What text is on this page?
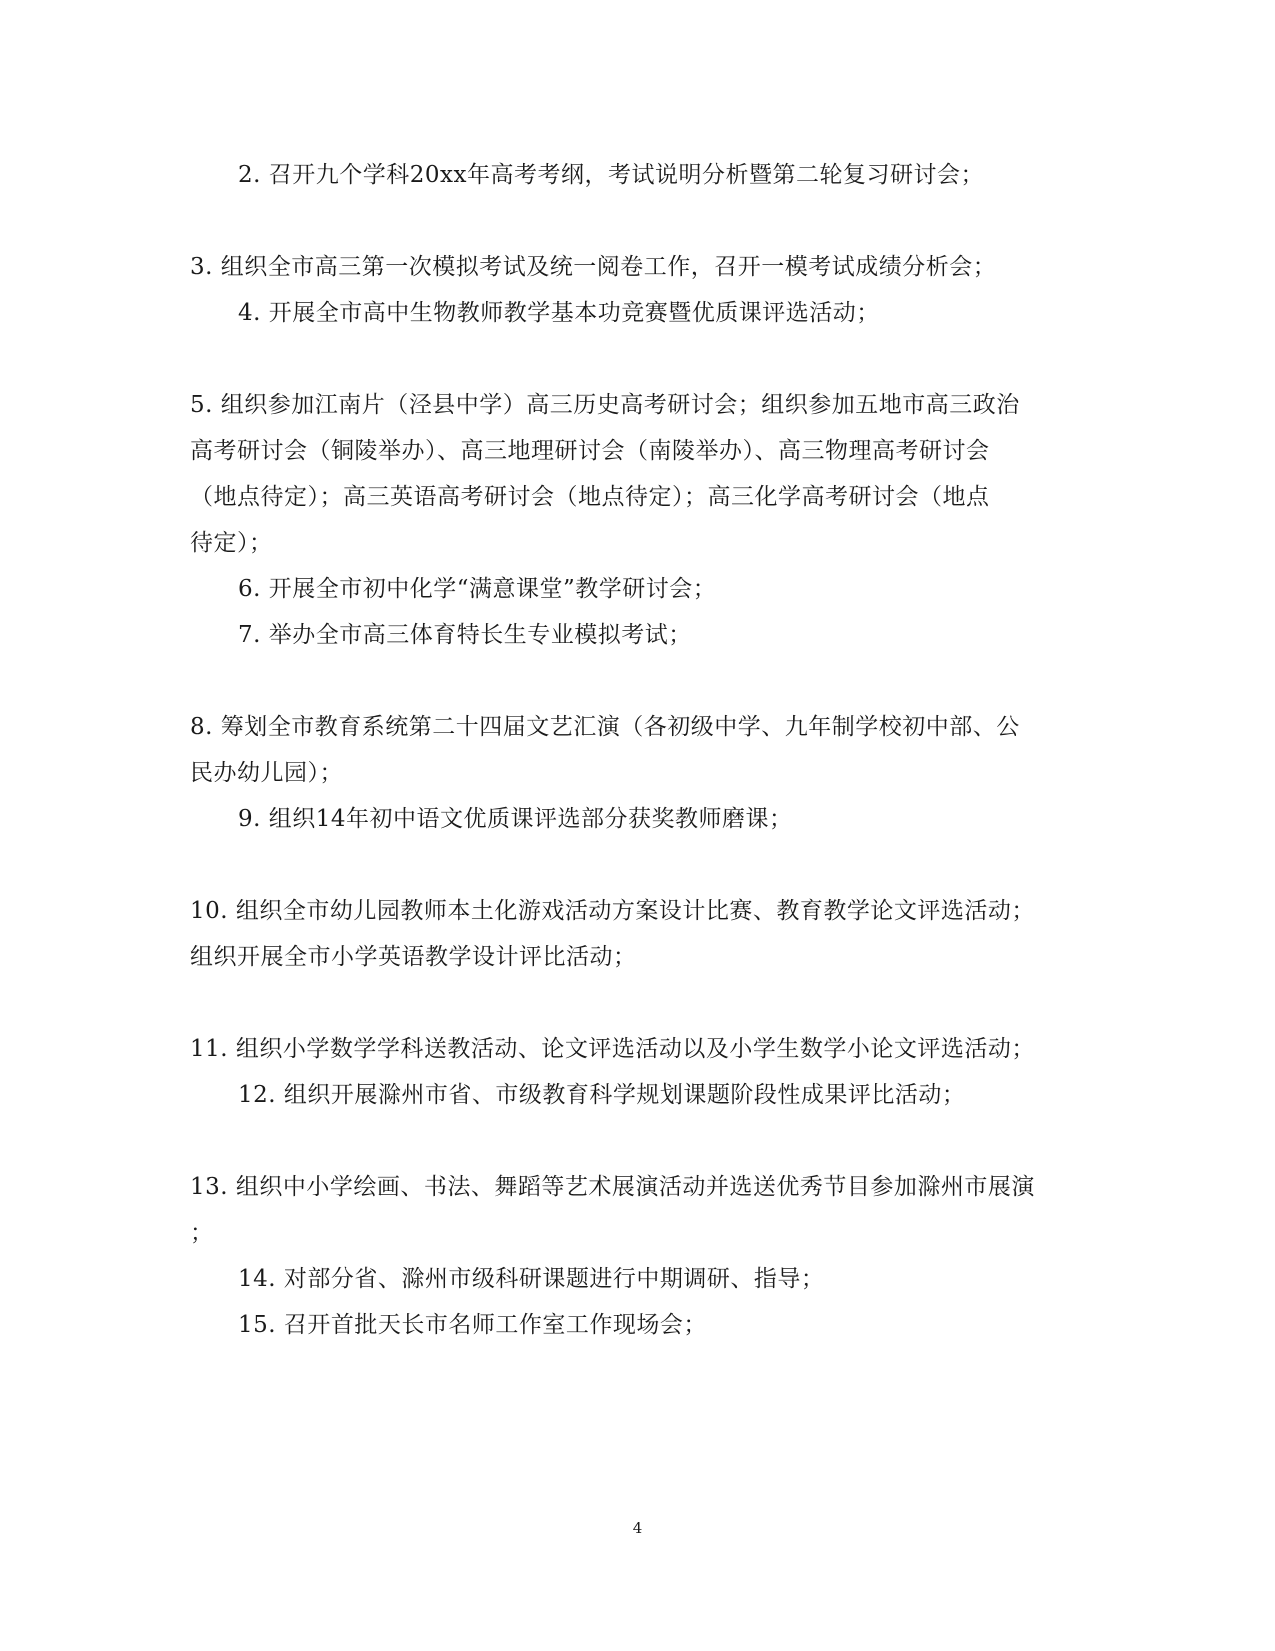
2. 召开九个学科20xx年高考考纲，考试说明分析暨第二轮复习研讨会；
3. 组织全市高三第一次模拟考试及统一阅卷工作，召开一模考试成绩分析会；
4. 开展全市高中生物教师教学基本功竞赛暨优质课评选活动；
5. 组织参加江南片（泾县中学）高三历史高考研讨会；组织参加五地市高三政治
高考研讨会（铜陵举办）、高三地理研讨会（南陵举办）、高三物理高考研讨会
（地点待定）；高三英语高考研讨会（地点待定）；高三化学高考研讨会（地点
待定）；
6. 开展全市初中化学“满意课堂”教学研讨会；
7. 举办全市高三体育特长生专业模拟考试；
8. 筹划全市教育系统第二十四届文艺汇演（各初级中学、九年制学校初中部、公
民办幼儿园）；
9. 组织14年初中语文优质课评选部分获奖教师磨课；
10. 组织全市幼儿园教师本土化游戏活动方案设计比赛、教育教学论文评选活动；
组织开展全市小学英语教学设计评比活动；
11. 组织小学数学学科送教活动、论文评选活动以及小学生数学小论文评选活动；
12. 组织开展滁州市省、市级教育科学规划课题阶段性成果评比活动；
13. 组织中小学绘画、书法、舞蹈等艺术展演活动并选送优秀节目参加滁州市展演
；
14. 对部分省、滁州市级科研课题进行中期调研、指导；
15. 召开首批天长市名师工作室工作现场会；
4
